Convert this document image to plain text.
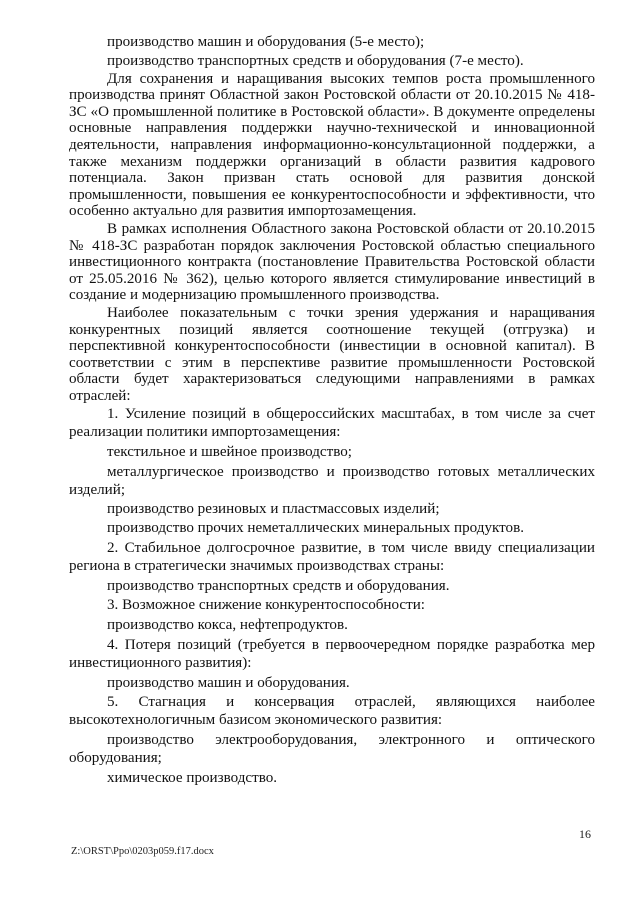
производство машин и оборудования (5-е место);

производство транспортных средств и оборудования (7-е место).

Для сохранения и наращивания высоких темпов роста промышленного производства принят Областной закон Ростовской области от 20.10.2015 № 418-ЗС «О промышленной политике в Ростовской области». В документе определены основные направления поддержки научно-технической и инновационной деятельности, направления информационно-консультационной поддержки, а также механизм поддержки организаций в области развития кадрового потенциала. Закон призван стать основой для развития донской промышленности, повышения ее конкурентоспособности и эффективности, что особенно актуально для развития импортозамещения.

В рамках исполнения Областного закона Ростовской области от 20.10.2015 № 418-ЗС разработан порядок заключения Ростовской областью специального инвестиционного контракта (постановление Правительства Ростовской области от 25.05.2016 № 362), целью которого является стимулирование инвестиций в создание и модернизацию промышленного производства.

Наиболее показательным с точки зрения удержания и наращивания конкурентных позиций является соотношение текущей (отгрузка) и перспективной конкурентоспособности (инвестиции в основной капитал). В соответствии с этим в перспективе развитие промышленности Ростовской области будет характеризоваться следующими направлениями в рамках отраслей:

1. Усиление позиций в общероссийских масштабах, в том числе за счет реализации политики импортозамещения:

текстильное и швейное производство;

металлургическое производство и производство готовых металлических изделий;

производство резиновых и пластмассовых изделий;

производство прочих неметаллических минеральных продуктов.

2. Стабильное долгосрочное развитие, в том числе ввиду специализации региона в стратегически значимых производствах страны:

производство транспортных средств и оборудования.

3. Возможное снижение конкурентоспособности:

производство кокса, нефтепродуктов.

4. Потеря позиций (требуется в первоочередном порядке разработка мер инвестиционного развития):

производство машин и оборудования.

5. Стагнация и консервация отраслей, являющихся наиболее высокотехнологичным базисом экономического развития:

производство электрооборудования, электронного и оптического оборудования;

химическое производство.

16
Z:\ORST\Ppo\0203p059.f17.docx
